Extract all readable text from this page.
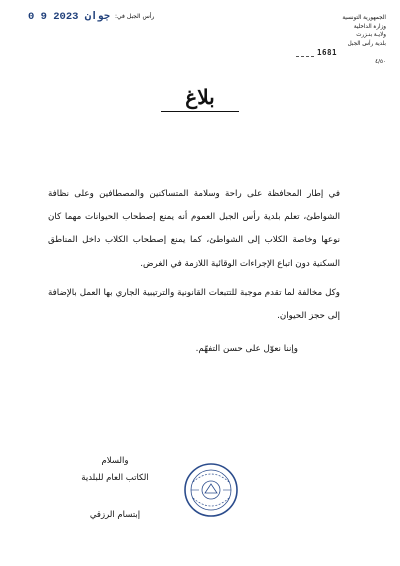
الجمهورية التونسية
وزارة الداخلية
ولايـة بنـزرت
بلدية رأس الجبل
1681
٤/٥٠
رأس الجبل في:
0 9 جوان 2023
بلاغ

في إطار المحافظة على راحة وسلامة المتساكنين والمصطافين وعلى نظافة الشواطئ، تعلم بلدية رأس الجبل العموم أنه يمنع إصطحاب الحيوانات مهما كان نوعها وخاصة الكلاب إلى الشواطئ، كما يمنع إصطحاب الكلاب داخل المناطق السكنية دون اتباع الإجراءات الوقائية اللازمة في الغرض.

وكل مخالفة لما تقدم موجبة للتتبعات القانونية والترتيبية الجاري بها العمل بالإضافة إلى حجز الحيوان.

وإننا نعوّل على حسن التفهّم.

والسلام
الكاتب العام للبلدية
إبتسام الرزقي
